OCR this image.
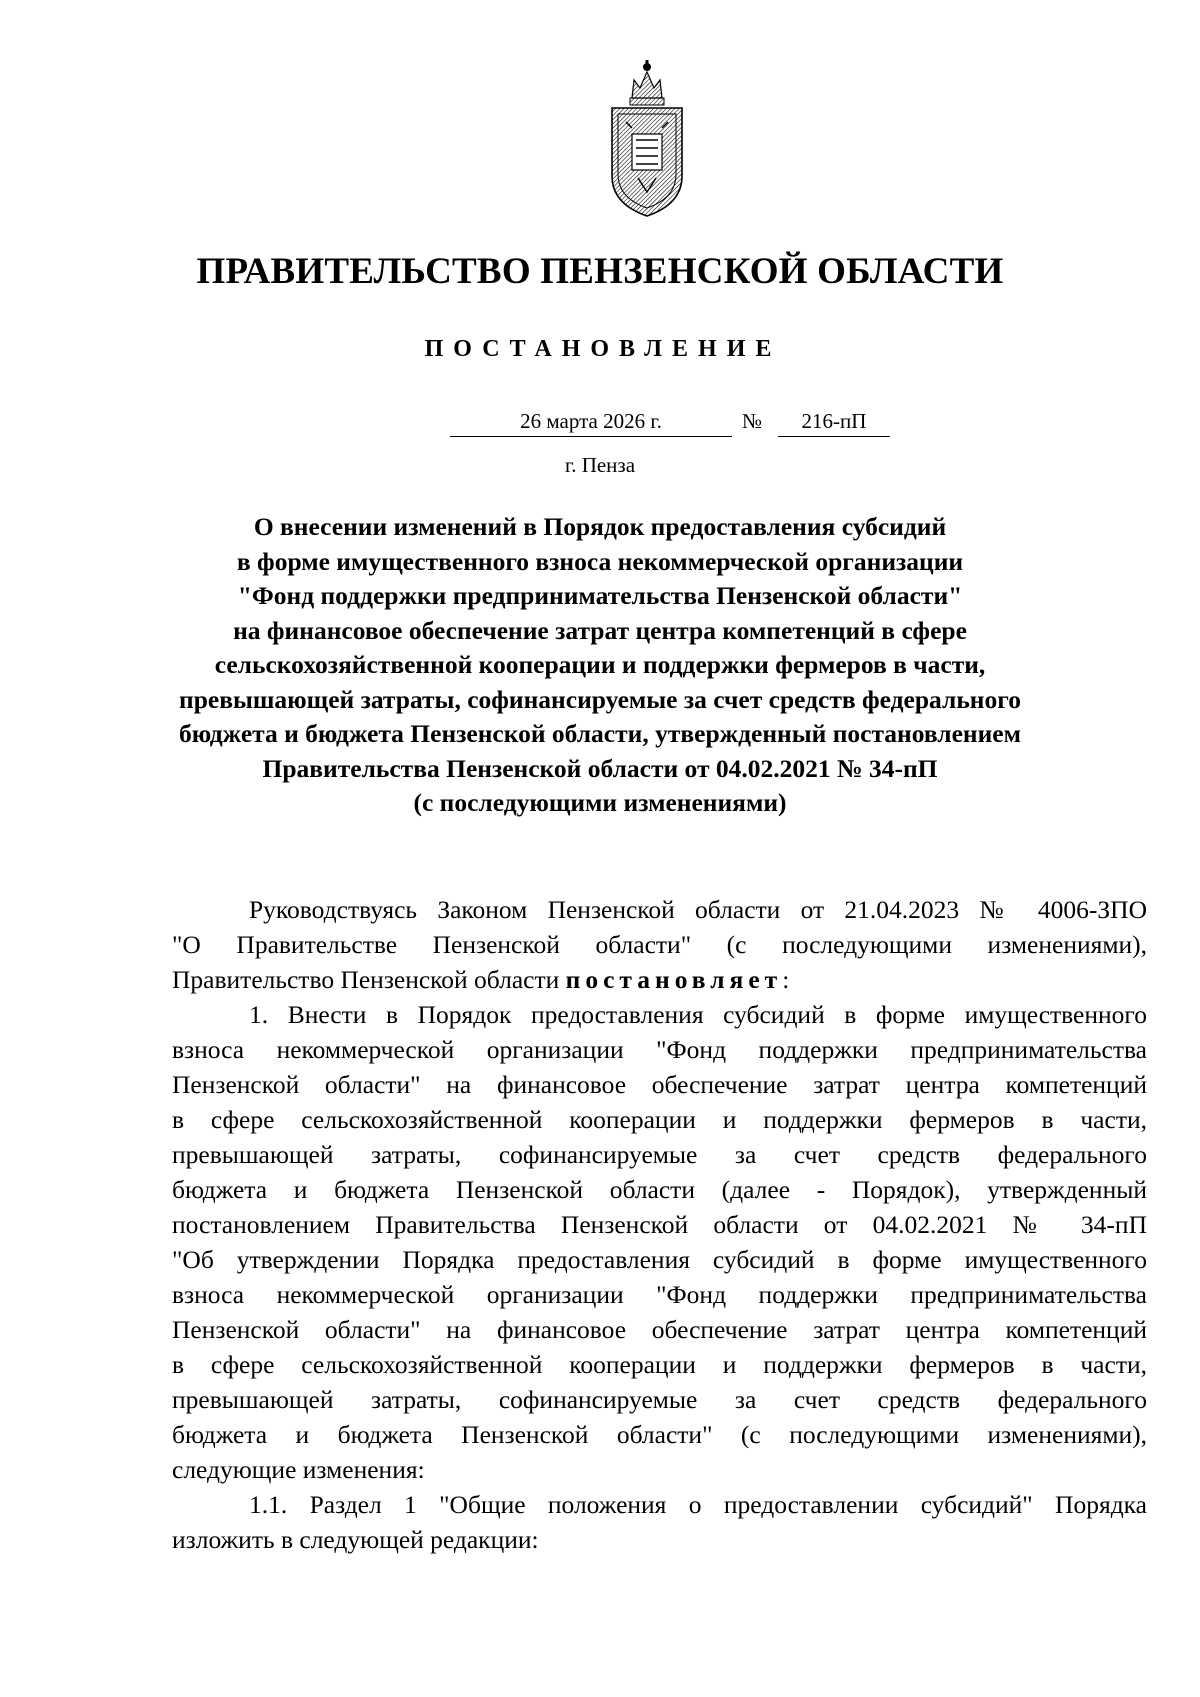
ПРАВИТЕЛЬСТВО ПЕНЗЕНСКОЙ ОБЛАСТИ
ПОСТАНОВЛЕНИЕ
26 марта 2026 г.	№	216-пП
г. Пенза
О внесении изменений в Порядок предоставления субсидий
в форме имущественного взноса некоммерческой организации
"Фонд поддержки предпринимательства Пензенской области"
на финансовое обеспечение затрат центра компетенций в сфере
сельскохозяйственной кооперации и поддержки фермеров в части,
превышающей затраты, софинансируемые за счет средств федерального
бюджета и бюджета Пензенской области, утвержденный постановлением
Правительства Пензенской области от 04.02.2021 № 34-пП
(с последующими изменениями)
Руководствуясь Законом Пензенской области от 21.04.2023 № 4006-ЗПО
"О Правительстве Пензенской области" (с последующими изменениями),
Правительство Пензенской области постановляет:
1. Внести в Порядок предоставления субсидий в форме имущественного
взноса некоммерческой организации "Фонд поддержки предпринимательства
Пензенской области" на финансовое обеспечение затрат центра компетенций
в сфере сельскохозяйственной кооперации и поддержки фермеров в части,
превышающей затраты, софинансируемые за счет средств федерального
бюджета и бюджета Пензенской области (далее - Порядок), утвержденный
постановлением Правительства Пензенской области от 04.02.2021 № 34-пП
"Об утверждении Порядка предоставления субсидий в форме имущественного
взноса некоммерческой организации "Фонд поддержки предпринимательства
Пензенской области" на финансовое обеспечение затрат центра компетенций
в сфере сельскохозяйственной кооперации и поддержки фермеров в части,
превышающей затраты, софинансируемые за счет средств федерального
бюджета и бюджета Пензенской области" (с последующими изменениями),
следующие изменения:
1.1. Раздел 1 "Общие положения о предоставлении субсидий" Порядка
изложить в следующей редакции:
